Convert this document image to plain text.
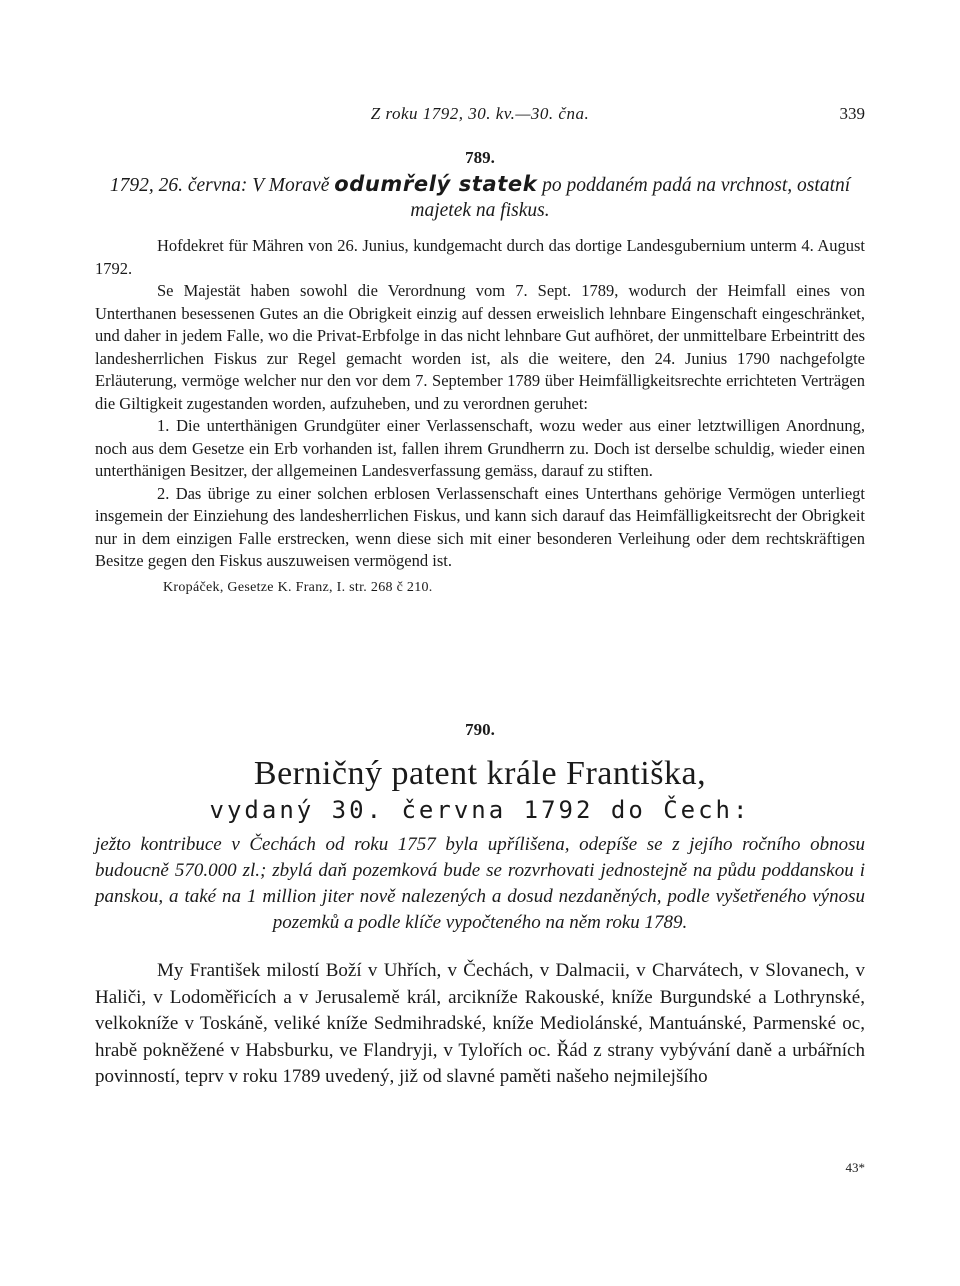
Z roku 1792, 30. kv.—30. čna.	339
789.
1792, 26. června: V Moravě odumřelý statek po poddaném padá na vrchnost, ostatní majetek na fiskus.

Hofdekret für Mähren von 26. Junius, kundgemacht durch das dortige Landesgubernium unterm 4. August 1792.

Se Majestät haben sowohl die Verordnung vom 7. Sept. 1789, wodurch der Heimfall eines von Unterthanen besessenen Gutes an die Obrigkeit einzig auf dessen erweislich lehnbare Eingenschaft eingeschränket, und daher in jedem Falle, wo die Privat-Erbfolge in das nicht lehnbare Gut aufhöret, der unmittelbare Erbeintritt des landesherrlichen Fiskus zur Regel gemacht worden ist, als die weitere, den 24. Junius 1790 nachgefolgte Erläuterung, vermöge welcher nur den vor dem 7. September 1789 über Heimfälligkeitsrechte errichteten Verträgen die Giltigkeit zugestanden worden, aufzuheben, und zu verordnen geruhet:

1. Die unterthänigen Grundgüter einer Verlassenschaft, wozu weder aus einer letztwilligen Anordnung, noch aus dem Gesetze ein Erb vorhanden ist, fallen ihrem Grundherrn zu. Doch ist derselbe schuldig, wieder einen unterthänigen Besitzer, der allgemeinen Landesverfassung gemäss, darauf zu stiften.

2. Das übrige zu einer solchen erblosen Verlassenschaft eines Unterthans gehörige Vermögen unterliegt insgemein der Einziehung des landesherrlichen Fiskus, und kann sich darauf das Heimfälligkeitsrecht der Obrigkeit nur in dem einzigen Falle erstrecken, wenn diese sich mit einer besonderen Verleihung oder dem rechtskräftigen Besitze gegen den Fiskus auszuweisen vermögend ist.

Kropáček, Gesetze K. Franz, I. str. 268 č 210.

790.
Berničný patent krále Františka,
vydaný 30. června 1792 do Čech:

ježto kontribuce v Čechách od roku 1757 byla upřílišena, odepíše se z jejího ročního obnosu budoucně 570.000 zl.; zbylá daň pozemková bude se rozvrhovati jednostejně na půdu poddanskou i panskou, a také na 1 million jiter nově nalezených a dosud nezdaněných, podle vyšetřeného výnosu pozemků a podle klíče vypočteného na něm roku 1789.

My František milostí Boží v Uhřích, v Čechách, v Dalmacii, v Charvátech, v Slovanech, v Haliči, v Lodoměřicích a v Jerusalemě král, arcikníže Rakouské, kníže Burgundské a Lothrynské, velkokníže v Toskáně, veliké kníže Sedmihradské, kníže Mediolánské, Mantuánské, Parmenské oc, hrabě pokněžené v Habsburku, ve Flandryji, v Tylořích oc. Řád z strany vybývání daně a urbářních povinností, teprv v roku 1789 uvedený, již od slavné paměti našeho nejmilejšího

43*
